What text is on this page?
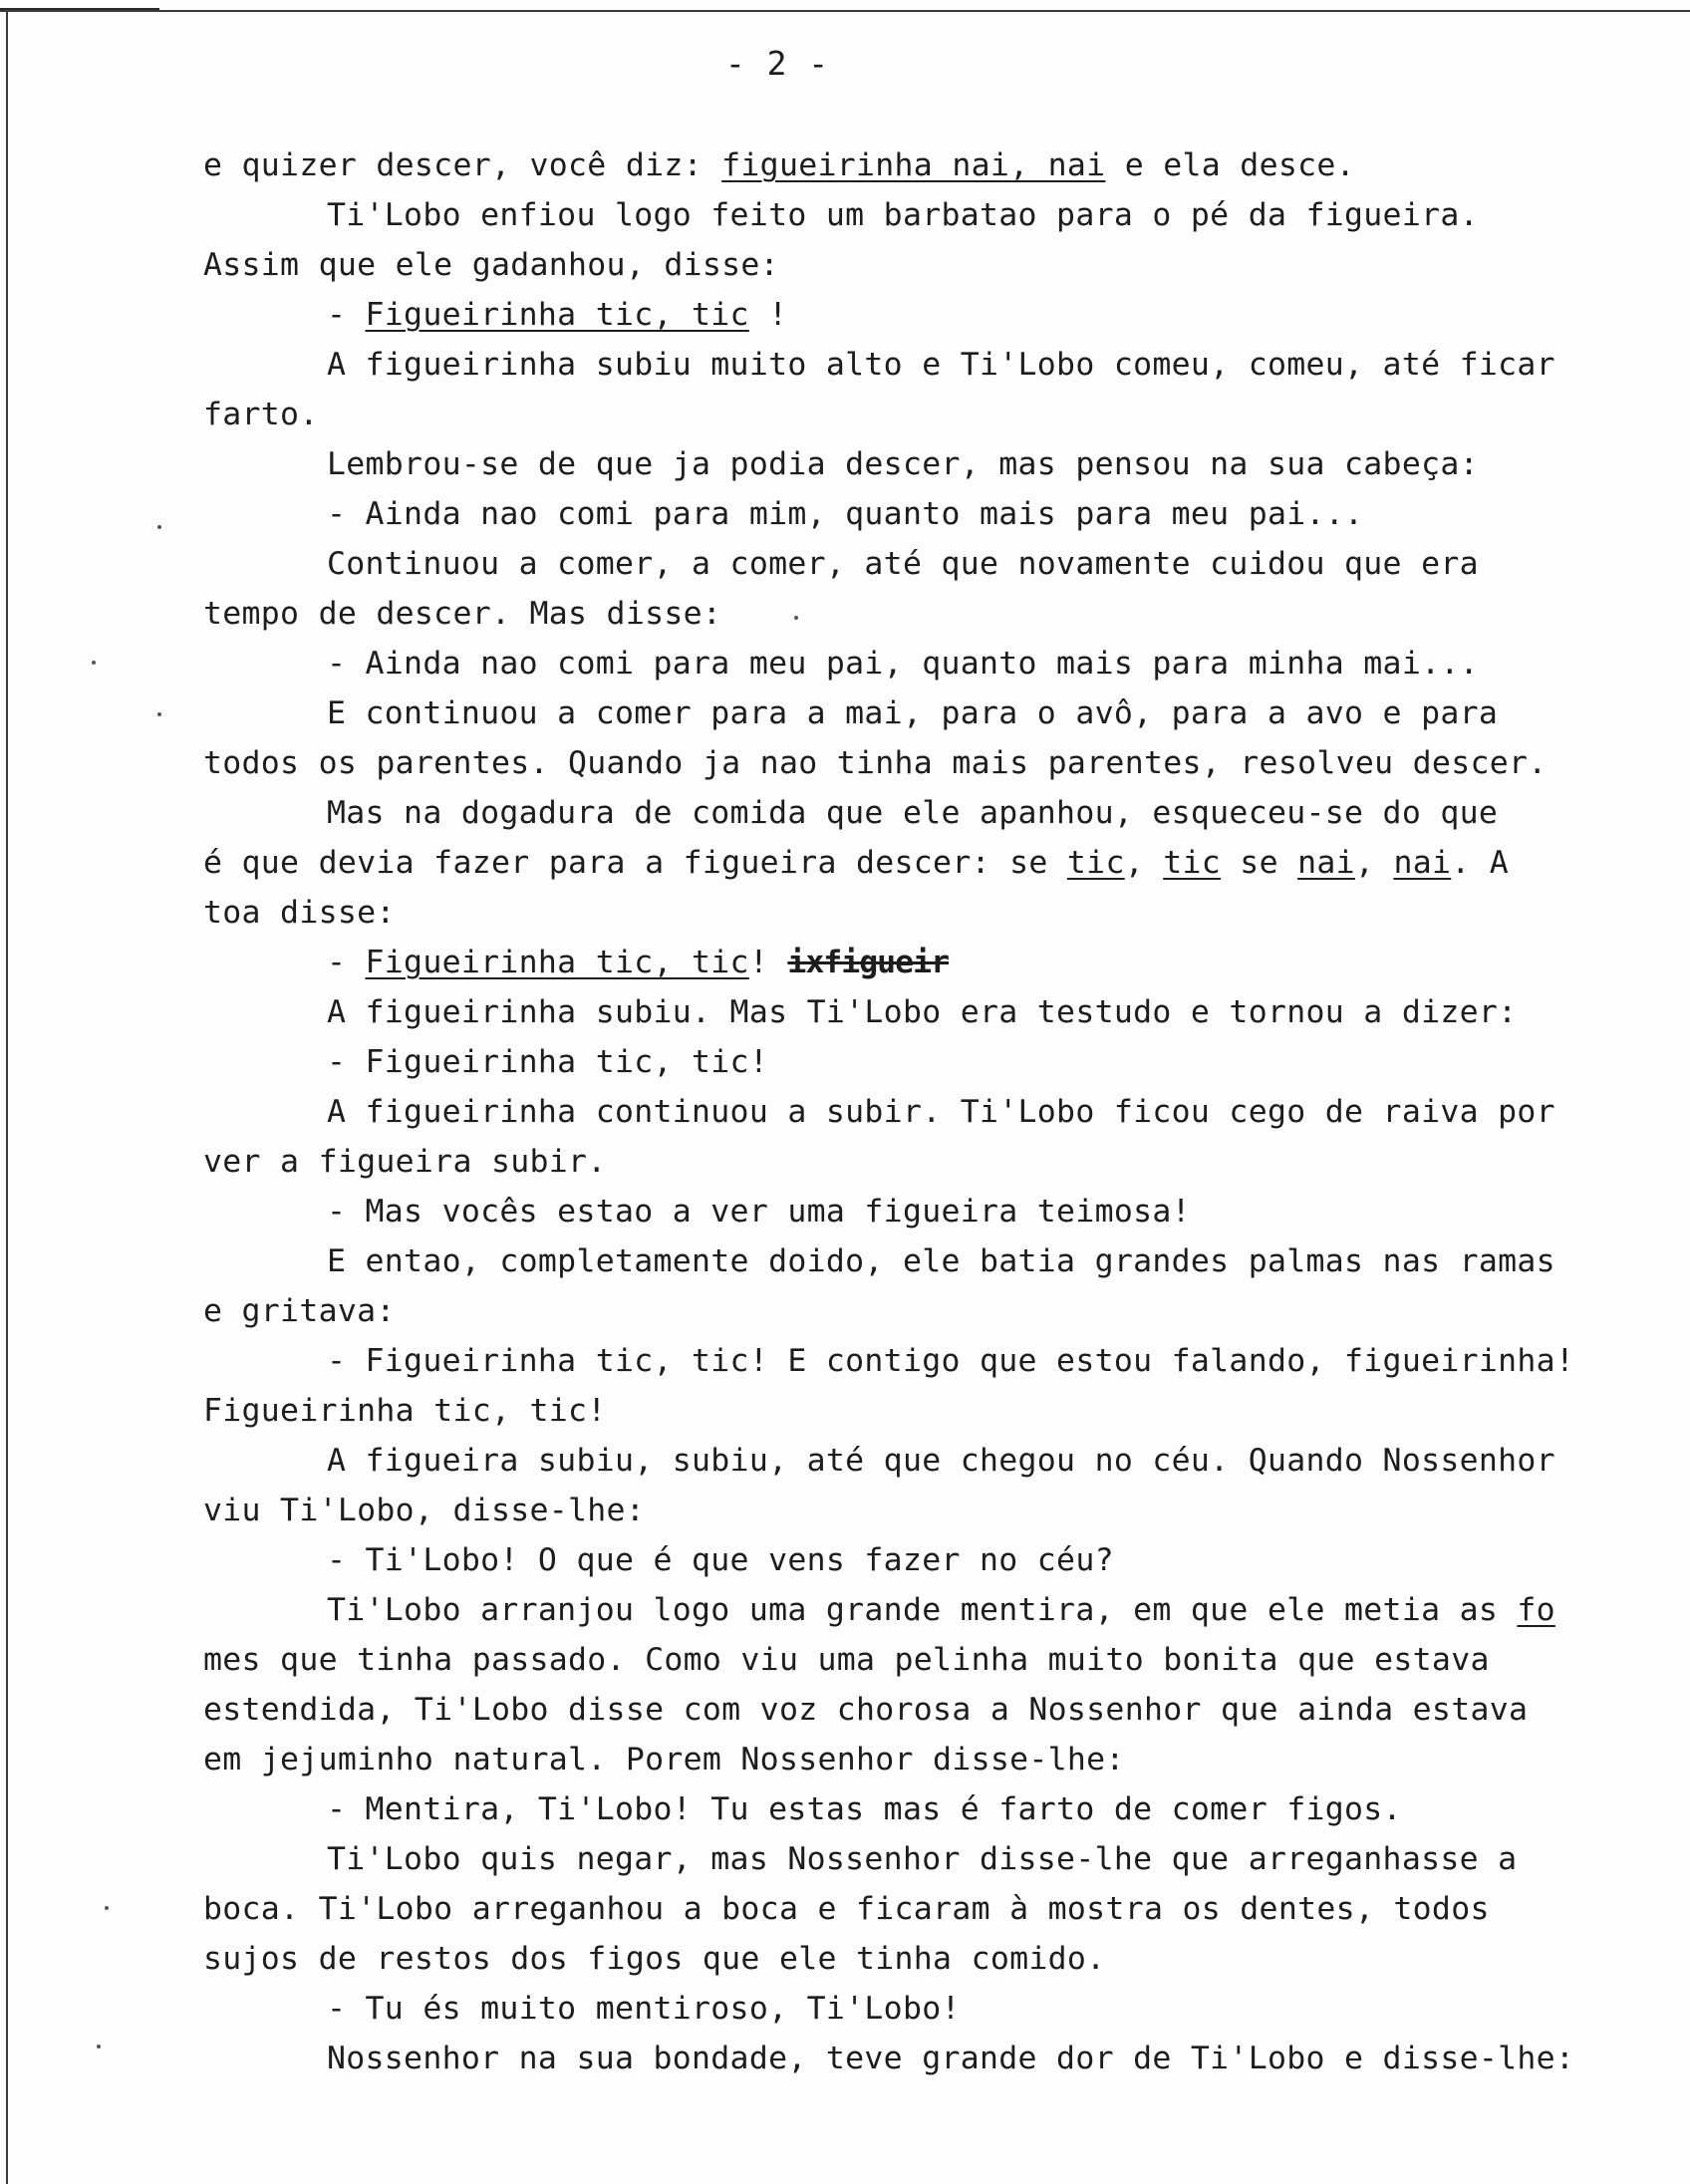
- 2 -
e quizer descer, você diz: figueirinha nai, nai e ela desce.
Ti'Lobo enfiou logo feito um barbatao para o pé da figueira.
Assim que ele gadanhou, disse:
- Figueirinha tic, tic !
A figueirinha subiu muito alto e Ti'Lobo comeu, comeu, até ficar
farto.
Lembrou-se de que ja podia descer, mas pensou na sua cabeça:
- Ainda nao comi para mim, quanto mais para meu pai...
Continuou a comer, a comer, até que novamente cuidou que era
tempo de descer. Mas disse:
- Ainda nao comi para meu pai, quanto mais para minha mai...
E continuou a comer para a mai, para o avô, para a avo e para
todos os parentes. Quando ja nao tinha mais parentes, resolveu descer.
Mas na dogadura de comida que ele apanhou, esqueceu-se do que
é que devia fazer para a figueira descer: se tic, tic se nai, nai. A
toa disse:
- Figueirinha tic, tic! ixfigueir
A figueirinha subiu. Mas Ti'Lobo era testudo e tornou a dizer:
- Figueirinha tic, tic!
A figueirinha continuou a subir. Ti'Lobo ficou cego de raiva por
ver a figueira subir.
- Mas vocês estao a ver uma figueira teimosa!
E entao, completamente doido, ele batia grandes palmas nas ramas
e gritava:
- Figueirinha tic, tic! E contigo que estou falando, figueirinha!
Figueirinha tic, tic!
A figueira subiu, subiu, até que chegou no céu. Quando Nossenhor
viu Ti'Lobo, disse-lhe:
- Ti'Lobo! O que é que vens fazer no céu?
Ti'Lobo arranjou logo uma grande mentira, em que ele metia as fo
mes que tinha passado. Como viu uma pelinha muito bonita que estava
estendida, Ti'Lobo disse com voz chorosa a Nossenhor que ainda estava
em jejuminho natural. Porem Nossenhor disse-lhe:
- Mentira, Ti'Lobo! Tu estas mas é farto de comer figos.
Ti'Lobo quis negar, mas Nossenhor disse-lhe que arreganhasse a
boca. Ti'Lobo arreganhou a boca e ficaram à mostra os dentes, todos
sujos de restos dos figos que ele tinha comido.
- Tu és muito mentiroso, Ti'Lobo!
Nossenhor na sua bondade, teve grande dor de Ti'Lobo e disse-lhe:
